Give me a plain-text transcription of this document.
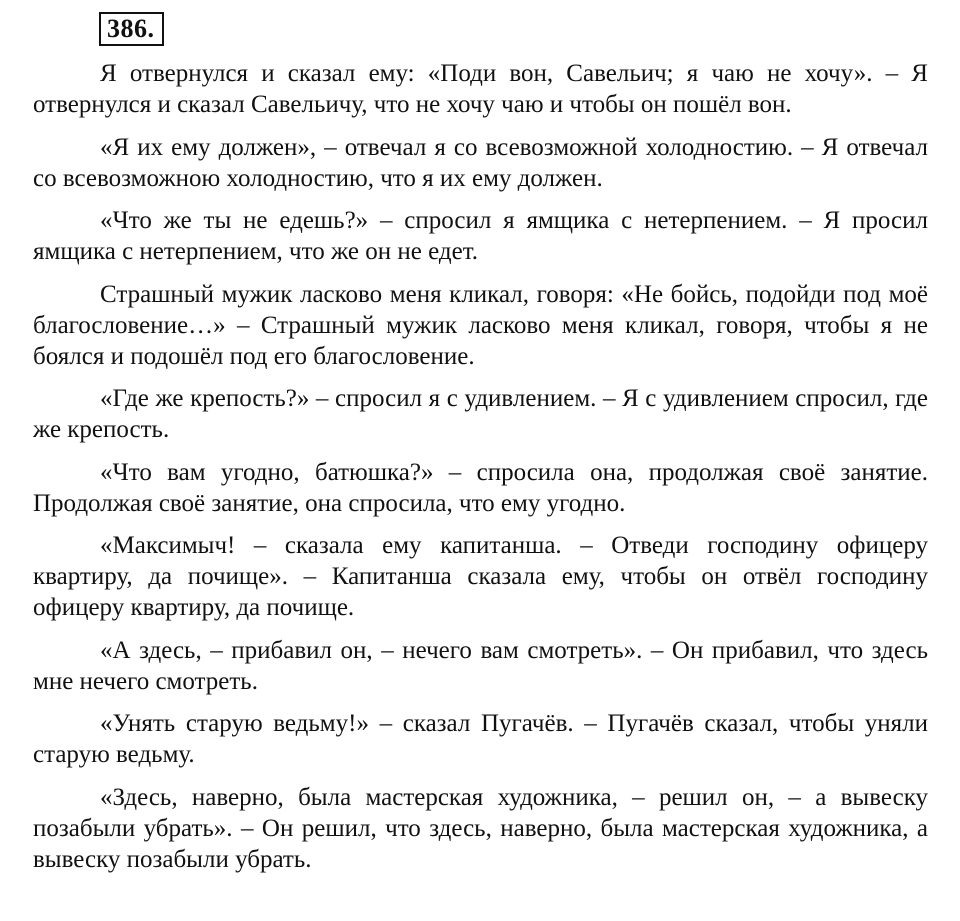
386.

Я отвернулся и сказал ему: «Поди вон, Савельич; я чаю не хочу». – Я отвернулся и сказал Савельичу, что не хочу чаю и чтобы он пошёл вон.

«Я их ему должен», – отвечал я со всевозможной холодностию. – Я отвечал со всевозможною холодностию, что я их ему должен.

«Что же ты не едешь?» – спросил я ямщика с нетерпением. – Я просил ямщика с нетерпением, что же он не едет.

Страшный мужик ласково меня кликал, говоря: «Не бойсь, подойди под моё благословение…» – Страшный мужик ласково меня кликал, говоря, чтобы я не боялся и подошёл под его благословение.

«Где же крепость?» – спросил я с удивлением. – Я с удивлением спросил, где же крепость.

«Что вам угодно, батюшка?» – спросила она, продолжая своё занятие. Продолжая своё занятие, она спросила, что ему угодно.

«Максимыч! – сказала ему капитанша. – Отведи господину офицеру квартиру, да почище». – Капитанша сказала ему, чтобы он отвёл господину офицеру квартиру, да почище.

«А здесь, – прибавил он, – нечего вам смотреть». – Он прибавил, что здесь мне нечего смотреть.

«Унять старую ведьму!» – сказал Пугачёв. – Пугачёв сказал, чтобы уняли старую ведьму.

«Здесь, наверно, была мастерская художника, – решил он, – а вывеску позабыли убрать». – Он решил, что здесь, наверно, была мастерская художника, а вывеску позабыли убрать.
